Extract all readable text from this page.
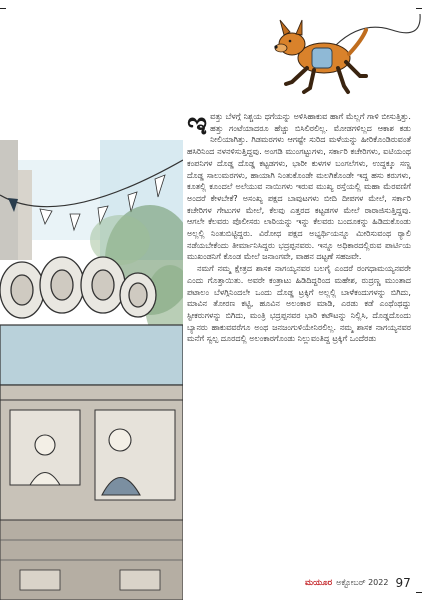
ಇವತ್ತು ಬೆಳಗ್ಗೆ ನಿಶ್ಚಯ ಧಗೆಯನ್ನು ಅಳಿಸಿಹಾಕುವ ಹಾಗೆ ಮೆಲ್ಲಗೆ ಗಾಳಿ ಬೀಸುತ್ತಿತ್ತು. ಹತ್ತು ಗಂಟೆಯಾದರೂ ಹೆಚ್ಚು ಬಿಸಿಲಿರಲಿಲ್ಲ. ಮೋಡಗಳಿಲ್ಲದ ಆಕಾಶ ಕಡು ನೀಲಿಯಾಗಿತ್ತು. ಗಿಡಮರಗಳು ಆಗಷ್ಟೇ ಸುರಿದ ಮಳೆಯನ್ನು ಹೀರಿಕೊಂಡಿರುವಂತೆ ಹಸಿರಿನಿಂದ ನಳನಳಿಸುತ್ತಿದ್ದವು. ಅಂಗಡಿ ಮುಂಗಟ್ಟುಗಳು, ಸರ್ಕಾರಿ ಕಚೇರಿಗಳು, ಐಟಿಯಂಥ ಕಂಪನಿಗಳ ದೊಡ್ಡ ದೊಡ್ಡ ಕಟ್ಟಡಗಳು, ಭಾರೀ ಕುಳಗಳ ಬಂಗಲೆಗಳು, ಉದ್ದಕ್ಕೂ ಸಣ್ಣ ದೊಡ್ಡ ಸಾಲುಮರಗಳು, ಹಾಯಾಗಿ ನಿಂತುಕೊಂಡೇ ಮಲಗಿಕೊಂಡೇ ಇದ್ದ ಹಸು ಕರುಗಳು, ಕೂತಲ್ಲಿ ಕೂಂದಲೆ ಅಲೆಯುವ ನಾಯಿಗಳು ಇರುವ ಮುಖ್ಯ ರಸ್ತೆಯಲ್ಲಿ ಮಹಾ ಮೆರವಣಿಗೆ ಅಂದರೆ ಕೇಳಬೇಕೆ? ಅಸಂಖ್ಯ ಪಕ್ಷದ ಬಾವುಟಗಳು ಬೀದಿ ದೀಪಗಳ ಮೇಲೆ, ಸರ್ಕಾರಿ ಕಚೇರಿಗಳ ಗೇಟುಗಳ ಮೇಲೆ, ಕೆಲವು ಎತ್ತರದ ಕಟ್ಟಡಗಳ ಮೇಲೆ ರಾರಾಜಿಸುತ್ತಿದ್ದವು. ಆಗಲೇ ಕೆಲವರು ಪೊಲೀಸರು ಲಾಠಿಯನ್ನು ಇನ್ನು ಕೆಲವರು ಬಂದೂಕನ್ನು ಹಿಡಿದುಕೊಂಡು ಅಲ್ಲಲ್ಲಿ ನಿಂತುಬಿಟ್ಟಿದ್ದರು. ವಿರೋಧ ಪಕ್ಷದ ಅಭ್ಯರ್ಥಿಯನ್ನೂ ಮೀರಿಸುವಂಥ ರ‍್ಯಾಲಿ ನಡೆಯಬೇಕೆಂದು ತೀರ್ಮಾನಿಸಿದ್ದರು ಭದ್ರಪ್ಪನವರು. ಇನ್ನೂ ಅಧಿಕಾರದಲ್ಲಿರುವ ಪಾರ್ಟಿಯ ಮುಖಂಡನಿಗೆ ಕೊಂಡ ಮೇಲೆ ಜನಾಂಗವೇ, ವಾಹನ ದಟ್ಟಣೆ ಸಹಜವೇ.

ನಮಗೆ ನಮ್ಮ ಕ್ಷೇತ್ರದ ಶಾಸಕ ನಾಗಯ್ಯನವರ ಬಲಗೈ ಎಂದರೆ ರಂಗಧಾಮಯ್ಯನವರೇ ಎಂದು ಗೊತ್ತಾಯಿತು. ಅವರೇ ಕಂತ್ರಾಟು ಹಿಡಿದಿದ್ದರಿಂದ ಮಹೇಶ, ರುದ್ರಣ್ಣ ಮುಂತಾದ ಪಟಾಲಂ ಬೆಳಗ್ಗಿನಿಂದಲೇ ಒಂದು ದೊಡ್ಡ ಟ್ರಕ್ಕಿಗೆ ಅಲ್ಲಲ್ಲಿ ಬಾಳೆಕಂದುಗಳನ್ನು ಬಿಗಿದು, ಮಾವಿನ ತೋರಣ ಕಟ್ಟಿ, ಹೂವಿನ ಅಲಂಕಾರ ಮಾಡಿ, ಎರಡು ಕಡೆ ಎಂಥೆಂಥದ್ದು ಸ್ಟೀಕರುಗಳನ್ನು ಬಿಗಿದು, ಮಂತ್ರಿ ಭದ್ರಪ್ಪನವರ ಭಾರಿ ಕಟೌಟನ್ನು ನಿಲ್ಲಿಸಿ, ದೊಡ್ಡದೊಂದು ಬ್ಯಾನರು ಹಾಕುವವರೆಗೂ ಅಂಥ ಜನಜಂಗುಳಿಯೇನಿರಲಿಲ್ಲ. ನಮ್ಮ ಶಾಸಕ ನಾಗಯ್ಯನವರ ಮನೆಗೆ ಸ್ವಲ್ಪ ದೂರದಲ್ಲಿ ಅಲಂಕಾರಗೊಂಡು ನಿಲ್ಲುವಂತಿದ್ದ ಟ್ರಕ್ಕಿಗೆ ಒಂದೆರಡು

ಮಯೂರ ಅಕ್ಟೋಬರ್ 2022 97
